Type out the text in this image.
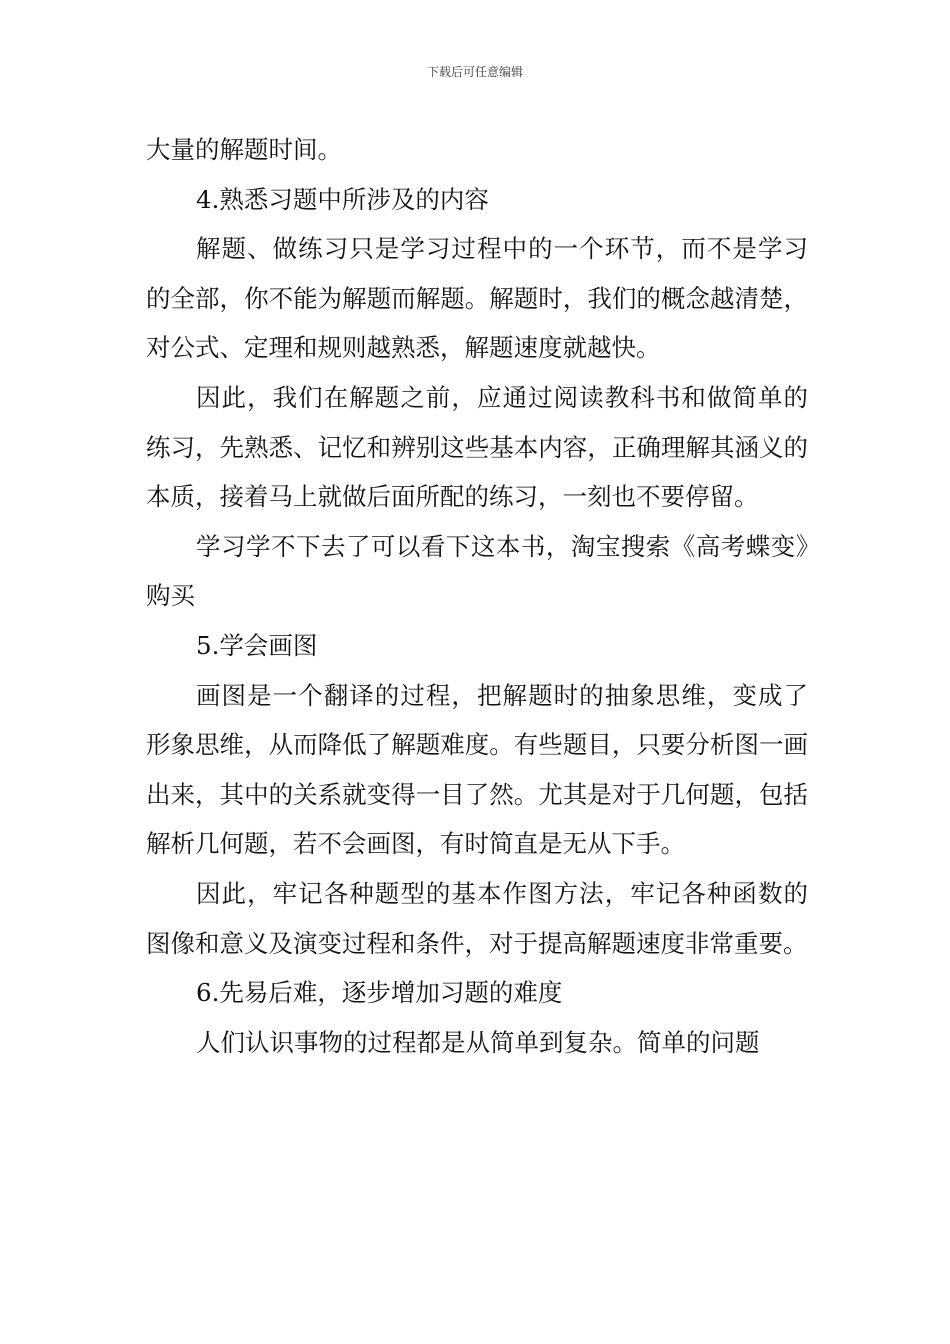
下载后可任意编辑

大量的解题时间。

4.熟悉习题中所涉及的内容

解题、做练习只是学习过程中的一个环节，而不是学习的全部，你不能为解题而解题。解题时，我们的概念越清楚，对公式、定理和规则越熟悉，解题速度就越快。

因此，我们在解题之前，应通过阅读教科书和做简单的练习，先熟悉、记忆和辨别这些基本内容，正确理解其涵义的本质，接着马上就做后面所配的练习，一刻也不要停留。

学习学不下去了可以看下这本书，淘宝搜索《高考蝶变》购买

5.学会画图

画图是一个翻译的过程，把解题时的抽象思维，变成了形象思维，从而降低了解题难度。有些题目，只要分析图一画出来，其中的关系就变得一目了然。尤其是对于几何题，包括解析几何题，若不会画图，有时简直是无从下手。

因此，牢记各种题型的基本作图方法，牢记各种函数的图像和意义及演变过程和条件，对于提高解题速度非常重要。

6.先易后难，逐步增加习题的难度

人们认识事物的过程都是从简单到复杂。简单的问题
